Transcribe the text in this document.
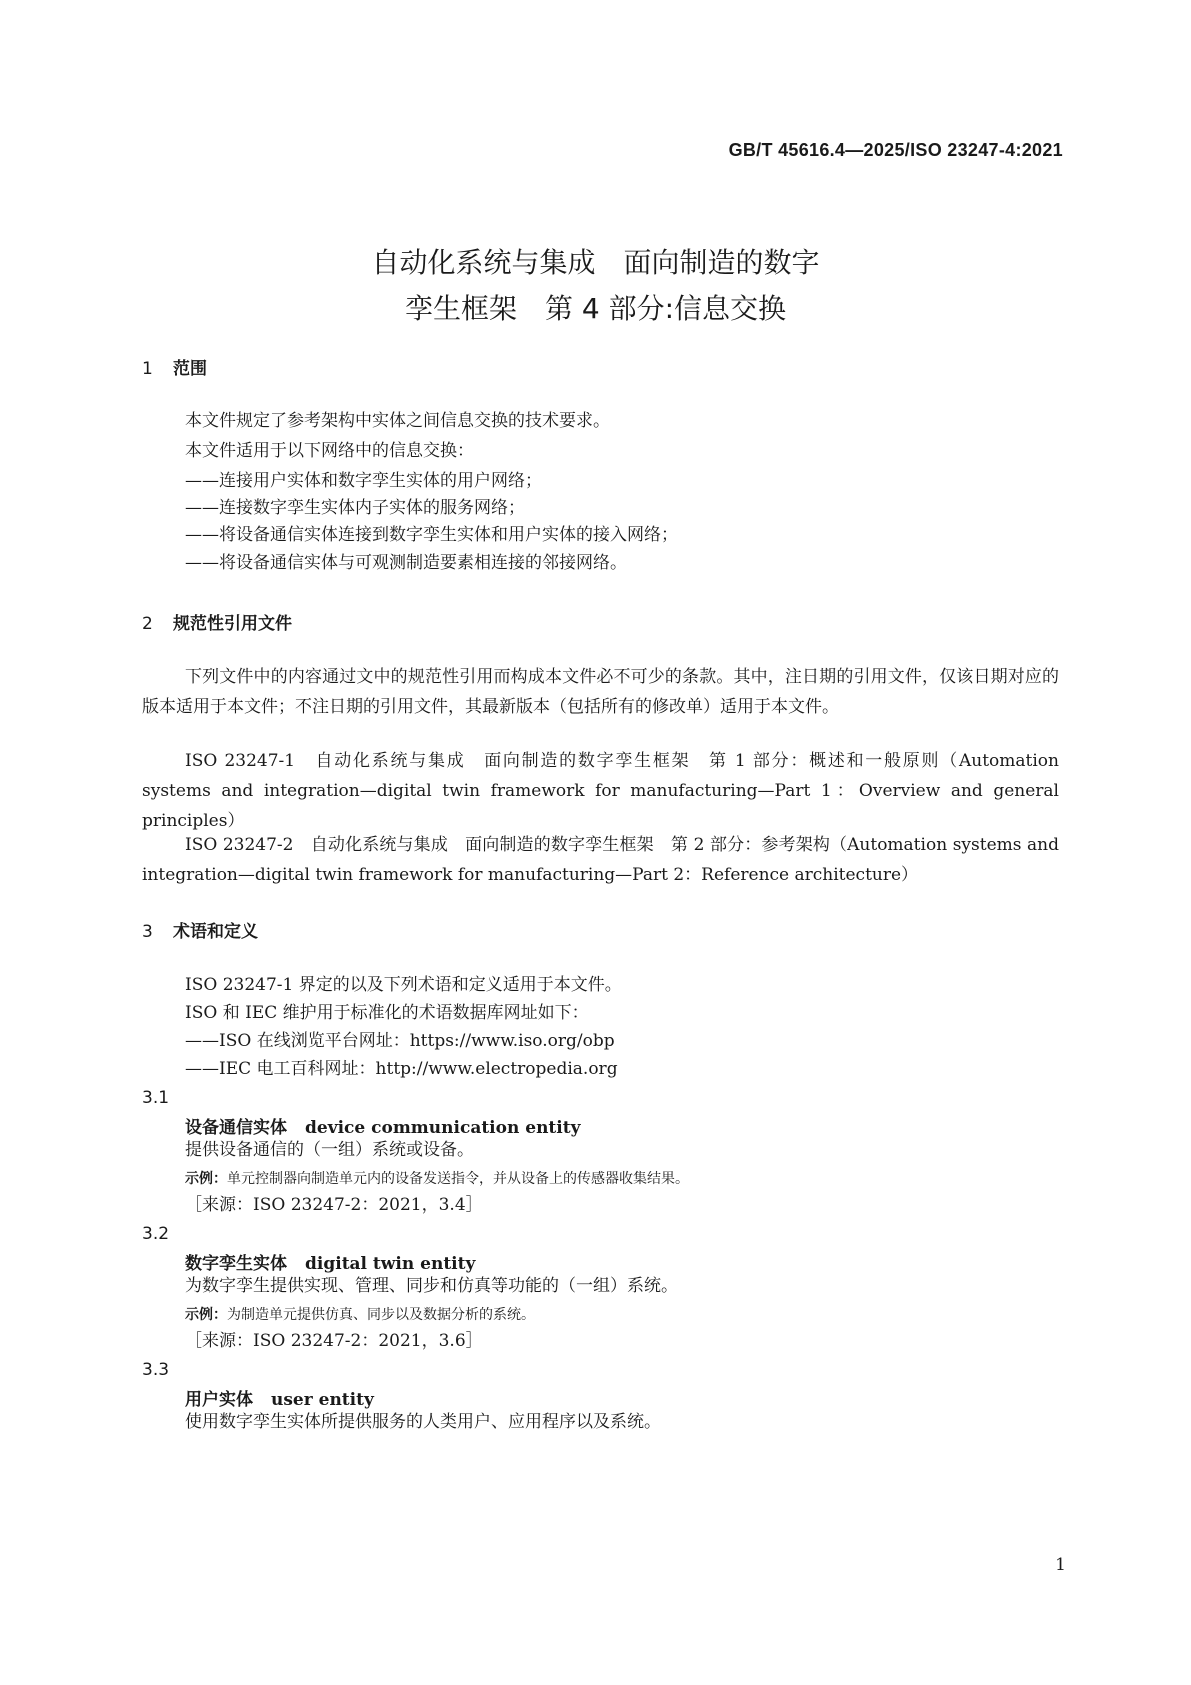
GB/T 45616.4—2025/ISO 23247-4:2021
自动化系统与集成　面向制造的数字
孪生框架　第 4 部分:信息交换
1 范围
本文件规定了参考架构中实体之间信息交换的技术要求。
本文件适用于以下网络中的信息交换：
——连接用户实体和数字孪生实体的用户网络；
——连接数字孪生实体内子实体的服务网络；
——将设备通信实体连接到数字孪生实体和用户实体的接入网络；
——将设备通信实体与可观测制造要素相连接的邻接网络。
2 规范性引用文件
下列文件中的内容通过文中的规范性引用而构成本文件必不可少的条款。其中，注日期的引用文件，仅该日期对应的版本适用于本文件；不注日期的引用文件，其最新版本（包括所有的修改单）适用于本文件。
ISO 23247-1　自动化系统与集成　面向制造的数字孪生框架　第 1 部分：概述和一般原则（Automation systems and integration—digital twin framework for manufacturing—Part 1：Overview and general principles）
ISO 23247-2　自动化系统与集成　面向制造的数字孪生框架　第 2 部分：参考架构（Automation systems and integration—digital twin framework for manufacturing—Part 2：Reference architecture）
3 术语和定义
ISO 23247-1 界定的以及下列术语和定义适用于本文件。
ISO 和 IEC 维护用于标准化的术语数据库网址如下：
——ISO 在线浏览平台网址：https://www.iso.org/obp
——IEC 电工百科网址：http://www.electropedia.org
3.1
设备通信实体 device communication entity
提供设备通信的（一组）系统或设备。
示例：单元控制器向制造单元内的设备发送指令，并从设备上的传感器收集结果。
［来源：ISO 23247-2：2021，3.4］
3.2
数字孪生实体 digital twin entity
为数字孪生提供实现、管理、同步和仿真等功能的（一组）系统。
示例：为制造单元提供仿真、同步以及数据分析的系统。
［来源：ISO 23247-2：2021，3.6］
3.3
用户实体 user entity
使用数字孪生实体所提供服务的人类用户、应用程序以及系统。
1
